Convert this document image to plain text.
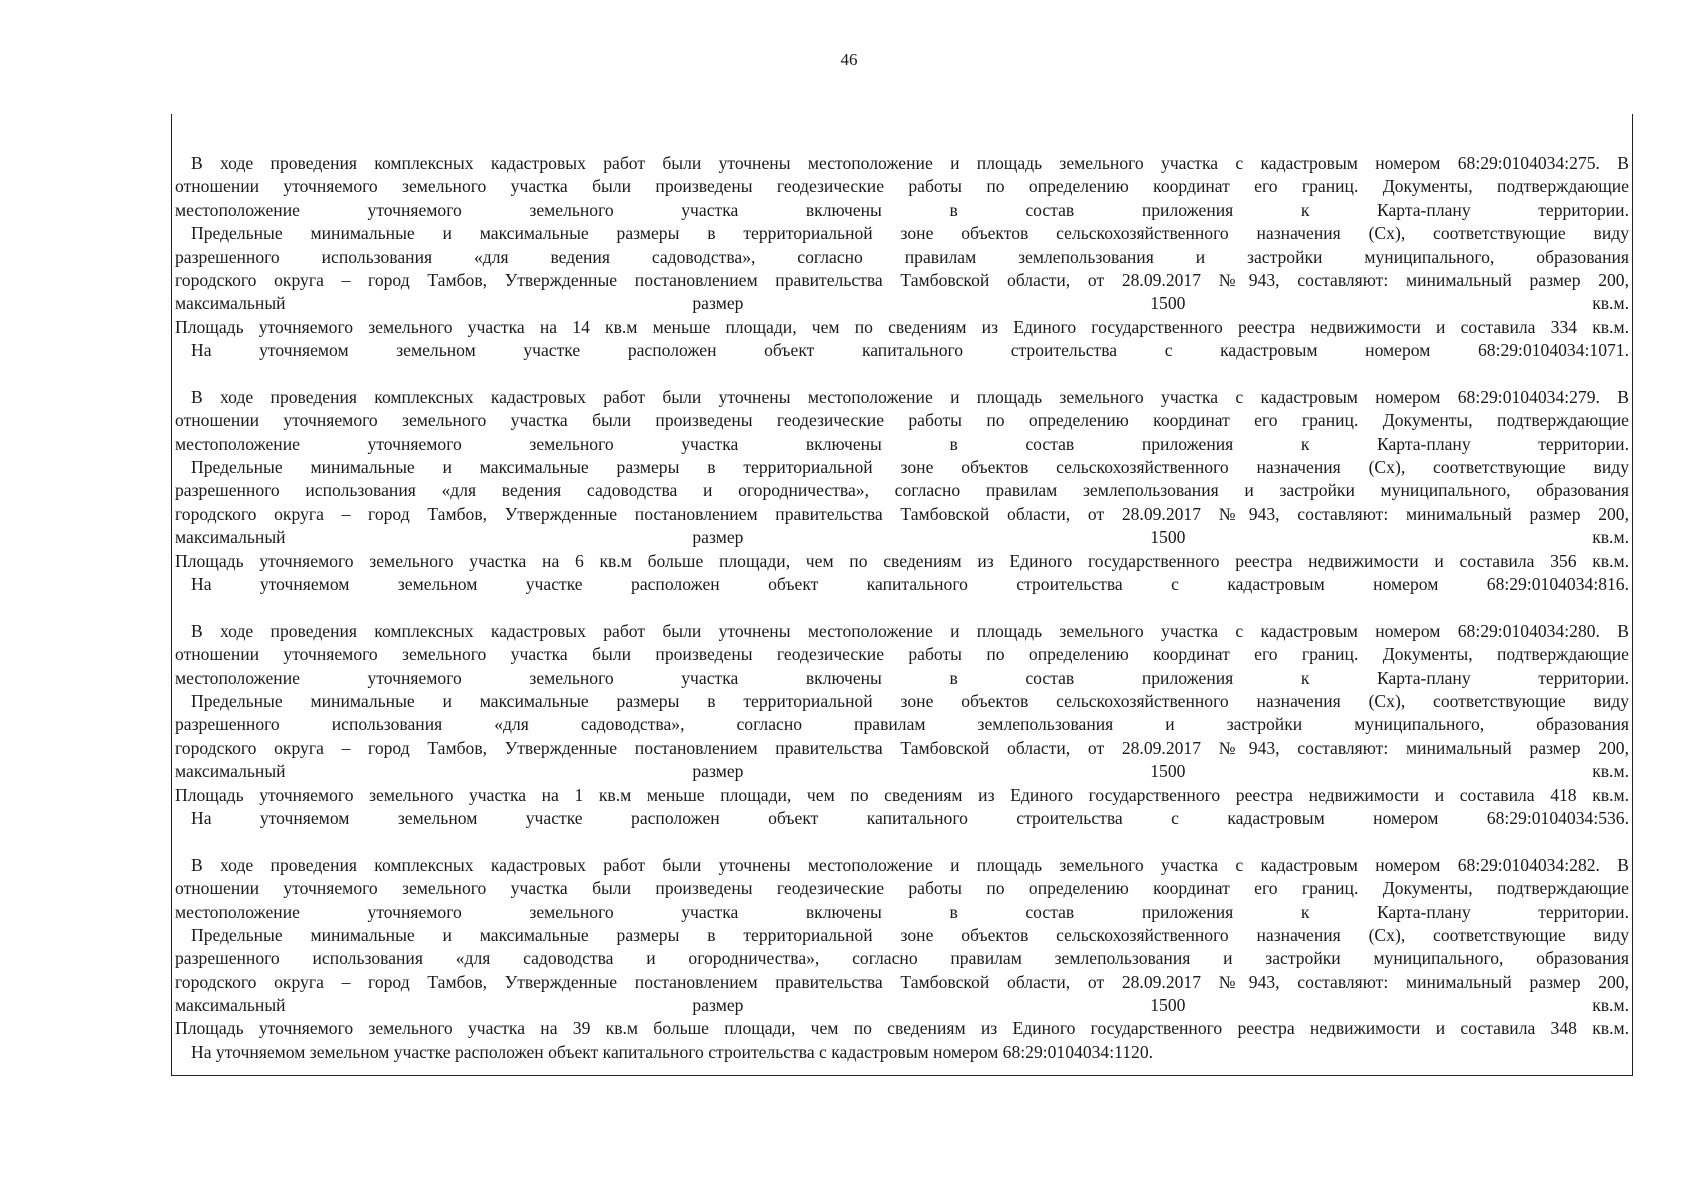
46
В ходе проведения комплексных кадастровых работ были уточнены местоположение и площадь земельного участка с кадастровым номером 68:29:0104034:275. В
отношении уточняемого земельного участка были произведены геодезические работы по определению координат его границ. Документы, подтверждающие
местоположение уточняемого земельного участка включены в состав приложения к Карта-плану территории.
Предельные минимальные и максимальные размеры в территориальной зоне объектов сельскохозяйственного назначения (Сх), соответствующие виду
разрешенного использования «для ведения садоводства», согласно правилам землепользования и застройки муниципального, образования
городского округа – город Тамбов, Утвержденные постановлением правительства Тамбовской области, от 28.09.2017 №943, составляют: минимальный размер 200,
максимальный размер 1500 кв.м.
Площадь уточняемого земельного участка на 14 кв.м меньше площади, чем по сведениям из Единого государственного реестра недвижимости и составила 334 кв.м.
На уточняемом земельном участке расположен объект капитального строительства с кадастровым номером 68:29:0104034:1071.
В ходе проведения комплексных кадастровых работ были уточнены местоположение и площадь земельного участка с кадастровым номером 68:29:0104034:279. В
отношении уточняемого земельного участка были произведены геодезические работы по определению координат его границ. Документы, подтверждающие
местоположение уточняемого земельного участка включены в состав приложения к Карта-плану территории.
Предельные минимальные и максимальные размеры в территориальной зоне объектов сельскохозяйственного назначения (Сх), соответствующие виду
разрешенного использования «для ведения садоводства и огородничества», согласно правилам землепользования и застройки муниципального, образования
городского округа – город Тамбов, Утвержденные постановлением правительства Тамбовской области, от 28.09.2017 №943, составляют: минимальный размер 200,
максимальный размер 1500 кв.м.
Площадь уточняемого земельного участка на 6 кв.м больше площади, чем по сведениям из Единого государственного реестра недвижимости и составила 356 кв.м.
На уточняемом земельном участке расположен объект капитального строительства с кадастровым номером 68:29:0104034:816.
В ходе проведения комплексных кадастровых работ были уточнены местоположение и площадь земельного участка с кадастровым номером 68:29:0104034:280. В
отношении уточняемого земельного участка были произведены геодезические работы по определению координат его границ. Документы, подтверждающие
местоположение уточняемого земельного участка включены в состав приложения к Карта-плану территории.
Предельные минимальные и максимальные размеры в территориальной зоне объектов сельскохозяйственного назначения (Сх), соответствующие виду
разрешенного использования «для садоводства», согласно правилам землепользования и застройки муниципального, образования
городского округа – город Тамбов, Утвержденные постановлением правительства Тамбовской области, от 28.09.2017 №943, составляют: минимальный размер 200,
максимальный размер 1500 кв.м.
Площадь уточняемого земельного участка на 1 кв.м меньше площади, чем по сведениям из Единого государственного реестра недвижимости и составила 418 кв.м.
На уточняемом земельном участке расположен объект капитального строительства с кадастровым номером 68:29:0104034:536.
В ходе проведения комплексных кадастровых работ были уточнены местоположение и площадь земельного участка с кадастровым номером 68:29:0104034:282. В
отношении уточняемого земельного участка были произведены геодезические работы по определению координат его границ. Документы, подтверждающие
местоположение уточняемого земельного участка включены в состав приложения к Карта-плану территории.
Предельные минимальные и максимальные размеры в территориальной зоне объектов сельскохозяйственного назначения (Сх), соответствующие виду
разрешенного использования «для садоводства и огородничества», согласно правилам землепользования и застройки муниципального, образования
городского округа – город Тамбов, Утвержденные постановлением правительства Тамбовской области, от 28.09.2017 №943, составляют: минимальный размер 200,
максимальный размер 1500 кв.м.
Площадь уточняемого земельного участка на 39 кв.м больше площади, чем по сведениям из Единого государственного реестра недвижимости и составила 348 кв.м.
На уточняемом земельном участке расположен объект капитального строительства с кадастровым номером 68:29:0104034:1120.
